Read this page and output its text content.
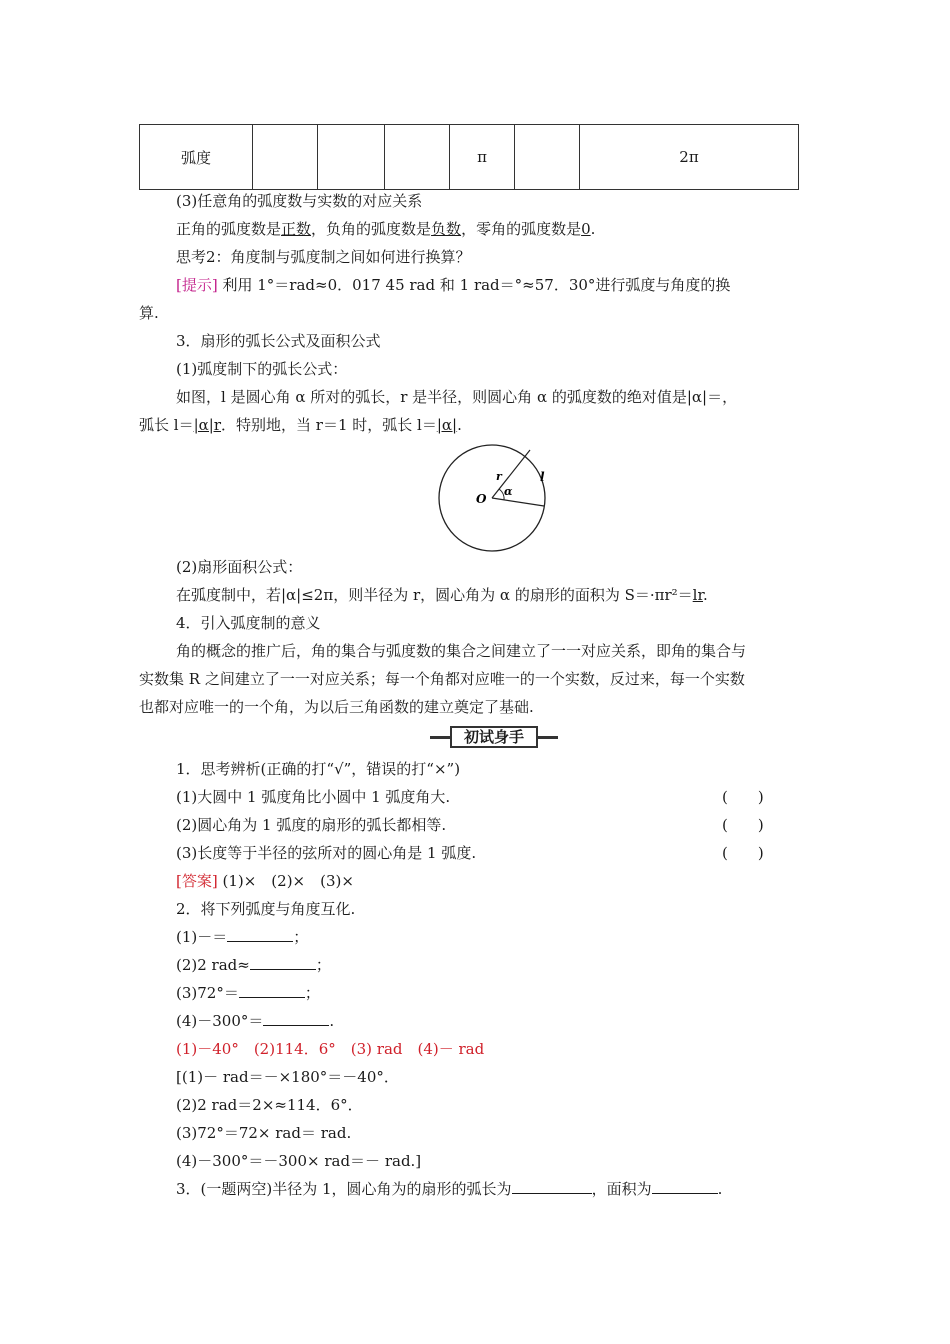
弧度				π		2π
(3)任意角的弧度数与实数的对应关系
正角的弧度数是正数，负角的弧度数是负数，零角的弧度数是0.
思考2：角度制与弧度制之间如何进行换算？
[提示] 利用 1°＝rad≈0．017 45 rad 和 1 rad＝°≈57．30°进行弧度与角度的换
算.
3．扇形的弧长公式及面积公式
(1)弧度制下的弧长公式：
如图，l 是圆心角 α 所对的弧长，r 是半径，则圆心角 α 的弧度数的绝对值是|α|＝，
弧长 l＝|α|r．特别地，当 r＝1 时，弧长 l＝|α|.
O
r
α
l
(2)扇形面积公式：
在弧度制中，若|α|≤2π，则半径为 r，圆心角为 α 的扇形的面积为 S＝·πr²＝lr.
4．引入弧度制的意义
角的概念的推广后，角的集合与弧度数的集合之间建立了一一对应关系，即角的集合与
实数集 R 之间建立了一一对应关系；每一个角都对应唯一的一个实数，反过来，每一个实数
也都对应唯一的一个角，为以后三角函数的建立奠定了基础.
初试身手
1．思考辨析(正确的打“√”，错误的打“×”)
(1)大圆中 1 弧度角比小圆中 1 弧度角大.	(　　)
(2)圆心角为 1 弧度的扇形的弧长都相等.	(　　)
(3)长度等于半径的弦所对的圆心角是 1 弧度.	(　　)
[答案] (1)×　(2)×　(3)×
2．将下列弧度与角度互化.
(1)－＝	；
(2)2 rad≈	；
(3)72°＝	；
(4)－300°＝	.
(1)－40°　(2)114．6°　(3) rad　(4)－ rad
[(1)－ rad＝－×180°＝－40°．
(2)2 rad＝2×≈114．6°．
(3)72°＝72× rad＝ rad.
(4)－300°＝－300× rad＝－ rad.]
3．(一题两空)半径为 1，圆心角为的扇形的弧长为	，面积为	.
